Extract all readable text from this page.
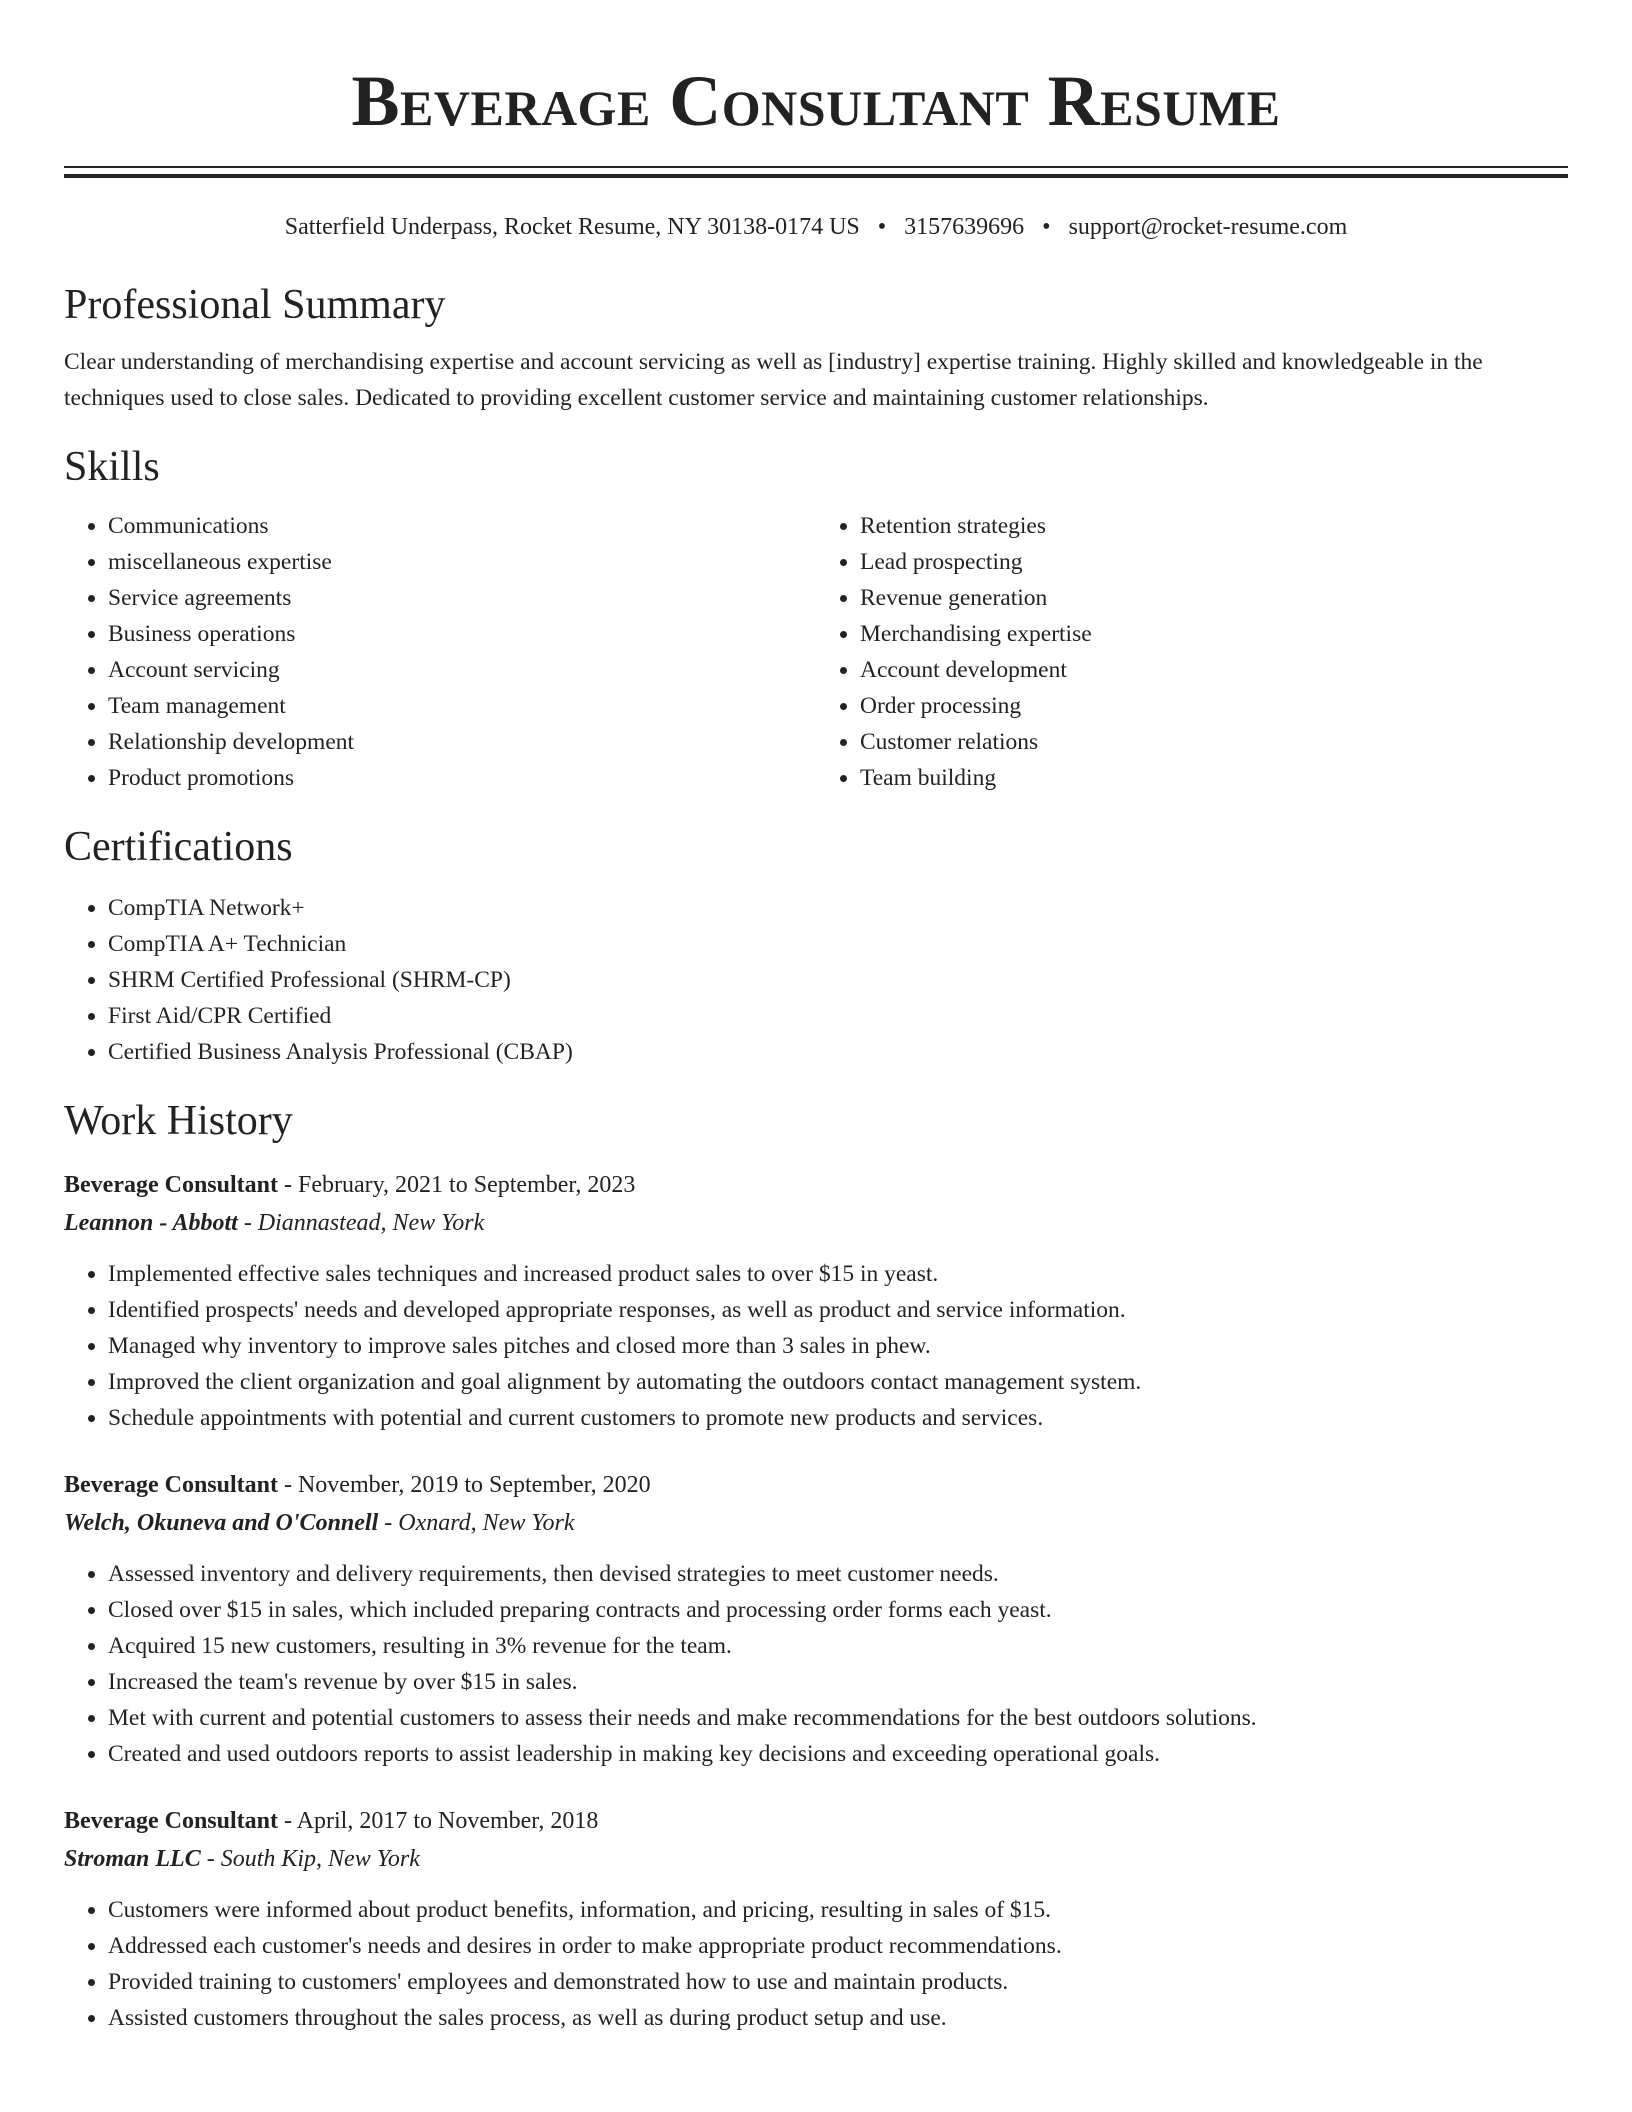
Beverage Consultant Resume
Satterfield Underpass, Rocket Resume, NY 30138-0174 US • 3157639696 • support@rocket-resume.com
Professional Summary

Clear understanding of merchandising expertise and account servicing as well as [industry] expertise training. Highly skilled and knowledgeable in the techniques used to close sales. Dedicated to providing excellent customer service and maintaining customer relationships.

Skills
• Communications
• miscellaneous expertise
• Service agreements
• Business operations
• Account servicing
• Team management
• Relationship development
• Product promotions
• Retention strategies
• Lead prospecting
• Revenue generation
• Merchandising expertise
• Account development
• Order processing
• Customer relations
• Team building
Certifications
• CompTIA Network+
• CompTIA A+ Technician
• SHRM Certified Professional (SHRM-CP)
• First Aid/CPR Certified
• Certified Business Analysis Professional (CBAP)
Work History
Beverage Consultant - February, 2021 to September, 2023
Leannon - Abbott - Diannastead, New York
• Implemented effective sales techniques and increased product sales to over $15 in yeast.
• Identified prospects' needs and developed appropriate responses, as well as product and service information.
• Managed why inventory to improve sales pitches and closed more than 3 sales in phew.
• Improved the client organization and goal alignment by automating the outdoors contact management system.
• Schedule appointments with potential and current customers to promote new products and services.
Beverage Consultant - November, 2019 to September, 2020
Welch, Okuneva and O'Connell - Oxnard, New York
• Assessed inventory and delivery requirements, then devised strategies to meet customer needs.
• Closed over $15 in sales, which included preparing contracts and processing order forms each yeast.
• Acquired 15 new customers, resulting in 3% revenue for the team.
• Increased the team's revenue by over $15 in sales.
• Met with current and potential customers to assess their needs and make recommendations for the best outdoors solutions.
• Created and used outdoors reports to assist leadership in making key decisions and exceeding operational goals.
Beverage Consultant - April, 2017 to November, 2018
Stroman LLC - South Kip, New York
• Customers were informed about product benefits, information, and pricing, resulting in sales of $15.
• Addressed each customer's needs and desires in order to make appropriate product recommendations.
• Provided training to customers' employees and demonstrated how to use and maintain products.
• Assisted customers throughout the sales process, as well as during product setup and use.
